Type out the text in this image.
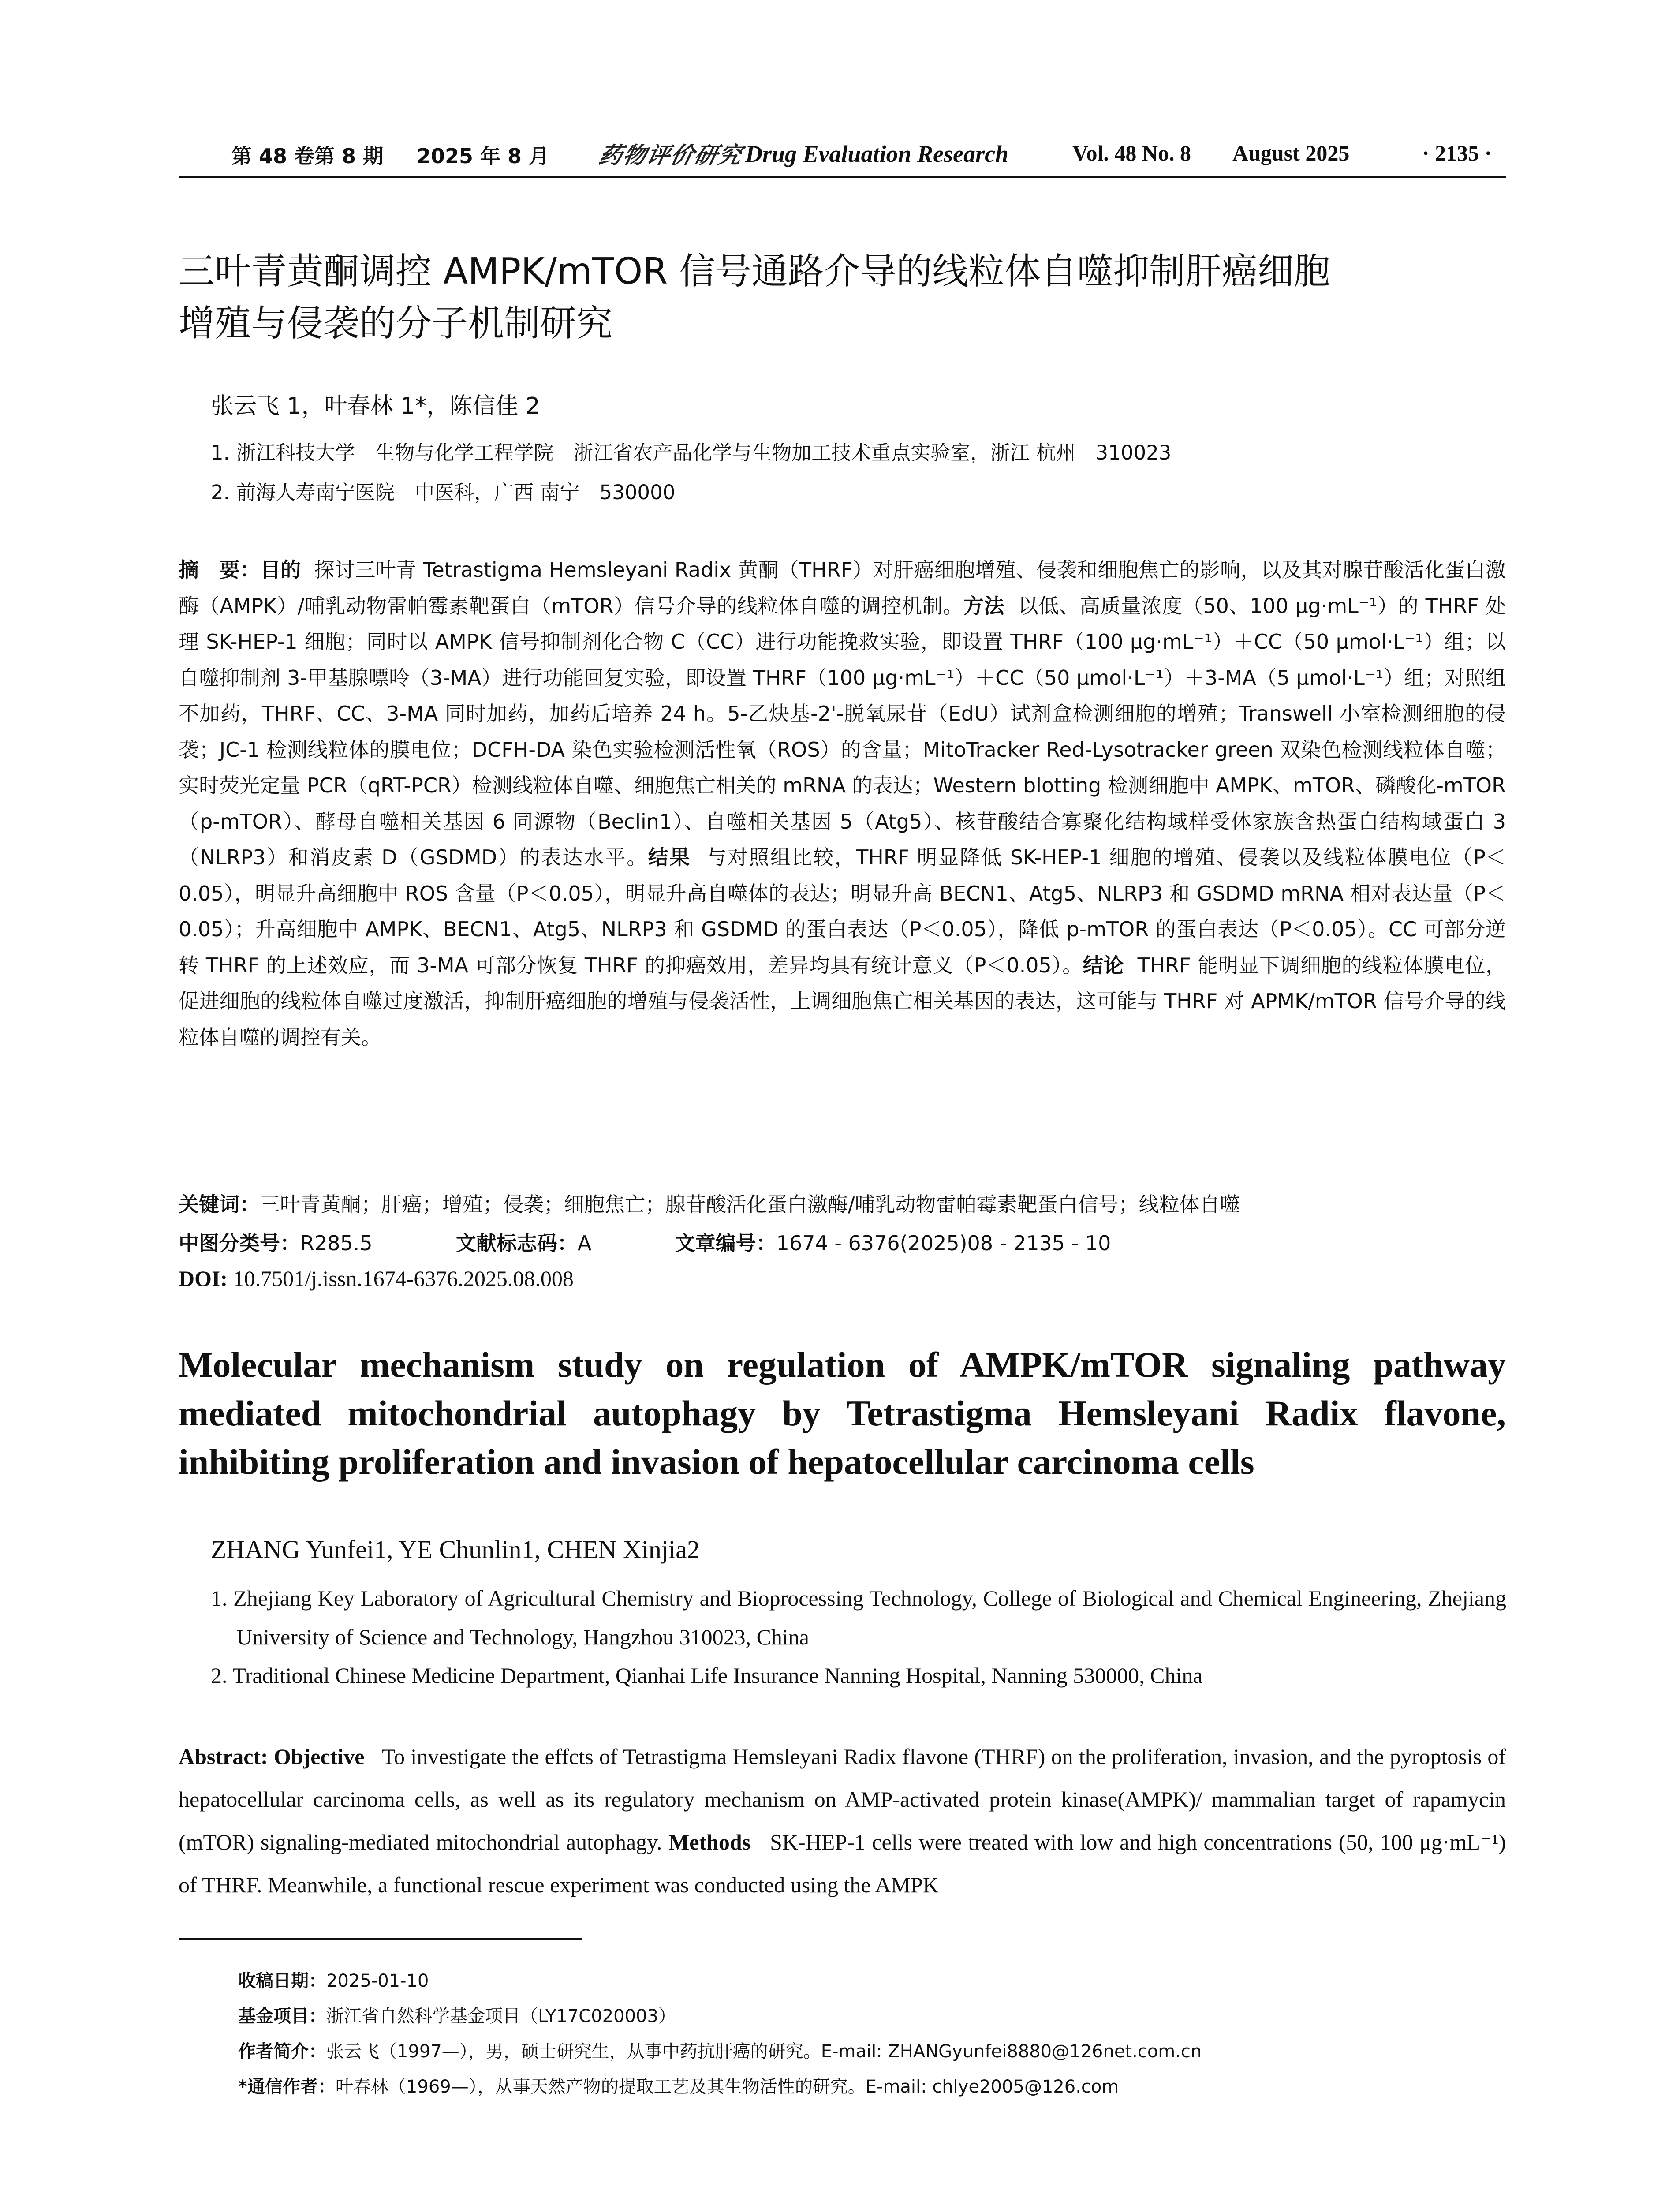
第 48 卷第 8 期 2025 年 8 月 药物评价研究 Drug Evaluation Research	Vol. 48 No. 8 August 2025	· 2135 ·
三叶青黄酮调控 AMPK/mTOR 信号通路介导的线粒体自噬抑制肝癌细胞
增殖与侵袭的分子机制研究
张云飞 1，叶春林 1*，陈信佳 2
1. 浙江科技大学　生物与化学工程学院　浙江省农产品化学与生物加工技术重点实验室，浙江 杭州　310023
2. 前海人寿南宁医院　中医科，广西 南宁　530000
摘　要：目的 探讨三叶青 Tetrastigma Hemsleyani Radix 黄酮（THRF）对肝癌细胞增殖、侵袭和细胞焦亡的影响，以及其对腺苷酸活化蛋白激酶（AMPK）/哺乳动物雷帕霉素靶蛋白（mTOR）信号介导的线粒体自噬的调控机制。方法 以低、高质量浓度（50、100 μg·mL⁻¹）的 THRF 处理 SK-HEP-1 细胞；同时以 AMPK 信号抑制剂化合物 C（CC）进行功能挽救实验，即设置 THRF（100 μg·mL⁻¹）＋CC（50 μmol·L⁻¹）组；以自噬抑制剂 3-甲基腺嘌呤（3-MA）进行功能回复实验，即设置 THRF（100 μg·mL⁻¹）＋CC（50 μmol·L⁻¹）＋3-MA（5 μmol·L⁻¹）组；对照组不加药，THRF、CC、3-MA 同时加药，加药后培养 24 h。5-乙炔基-2'-脱氧尿苷（EdU）试剂盒检测细胞的增殖；Transwell 小室检测细胞的侵袭；JC-1 检测线粒体的膜电位；DCFH-DA 染色实验检测活性氧（ROS）的含量；MitoTracker Red-Lysotracker green 双染色检测线粒体自噬；实时荧光定量 PCR（qRT-PCR）检测线粒体自噬、细胞焦亡相关的 mRNA 的表达；Western blotting 检测细胞中 AMPK、mTOR、磷酸化-mTOR（p-mTOR）、酵母自噬相关基因 6 同源物（Beclin1）、自噬相关基因 5（Atg5）、核苷酸结合寡聚化结构域样受体家族含热蛋白结构域蛋白 3（NLRP3）和消皮素 D（GSDMD）的表达水平。结果 与对照组比较，THRF 明显降低 SK-HEP-1 细胞的增殖、侵袭以及线粒体膜电位（P＜0.05），明显升高细胞中 ROS 含量（P＜0.05），明显升高自噬体的表达；明显升高 BECN1、Atg5、NLRP3 和 GSDMD mRNA 相对表达量（P＜0.05）；升高细胞中 AMPK、BECN1、Atg5、NLRP3 和 GSDMD 的蛋白表达（P＜0.05），降低 p-mTOR 的蛋白表达（P＜0.05）。CC 可部分逆转 THRF 的上述效应，而 3-MA 可部分恢复 THRF 的抑癌效用，差异均具有统计意义（P＜0.05）。结论 THRF 能明显下调细胞的线粒体膜电位，促进细胞的线粒体自噬过度激活，抑制肝癌细胞的增殖与侵袭活性，上调细胞焦亡相关基因的表达，这可能与 THRF 对 APMK/mTOR 信号介导的线粒体自噬的调控有关。
关键词：三叶青黄酮；肝癌；增殖；侵袭；细胞焦亡；腺苷酸活化蛋白激酶/哺乳动物雷帕霉素靶蛋白信号；线粒体自噬
中图分类号：R285.5	文献标志码：A	文章编号：1674 - 6376(2025)08 - 2135 - 10
DOI: 10.7501/j.issn.1674-6376.2025.08.008
Molecular mechanism study on regulation of AMPK/mTOR signaling pathway mediated mitochondrial autophagy by Tetrastigma Hemsleyani Radix flavone, inhibiting proliferation and invasion of hepatocellular carcinoma cells
ZHANG Yunfei1, YE Chunlin1, CHEN Xinjia2
1. Zhejiang Key Laboratory of Agricultural Chemistry and Bioprocessing Technology, College of Biological and Chemical Engineering, Zhejiang University of Science and Technology, Hangzhou 310023, China
2. Traditional Chinese Medicine Department, Qianhai Life Insurance Nanning Hospital, Nanning 530000, China
Abstract: Objective To investigate the effcts of Tetrastigma Hemsleyani Radix flavone (THRF) on the proliferation, invasion, and the pyroptosis of hepatocellular carcinoma cells, as well as its regulatory mechanism on AMP-activated protein kinase(AMPK)/ mammalian target of rapamycin (mTOR) signaling-mediated mitochondrial autophagy. Methods SK-HEP-1 cells were treated with low and high concentrations (50, 100 μg·mL⁻¹) of THRF. Meanwhile, a functional rescue experiment was conducted using the AMPK
收稿日期：2025-01-10
基金项目：浙江省自然科学基金项目（LY17C020003）
作者简介：张云飞（1997—），男，硕士研究生，从事中药抗肝癌的研究。E-mail: ZHANGyunfei8880@126net.com.cn
*通信作者：叶春林（1969—），从事天然产物的提取工艺及其生物活性的研究。E-mail: chlye2005@126.com
